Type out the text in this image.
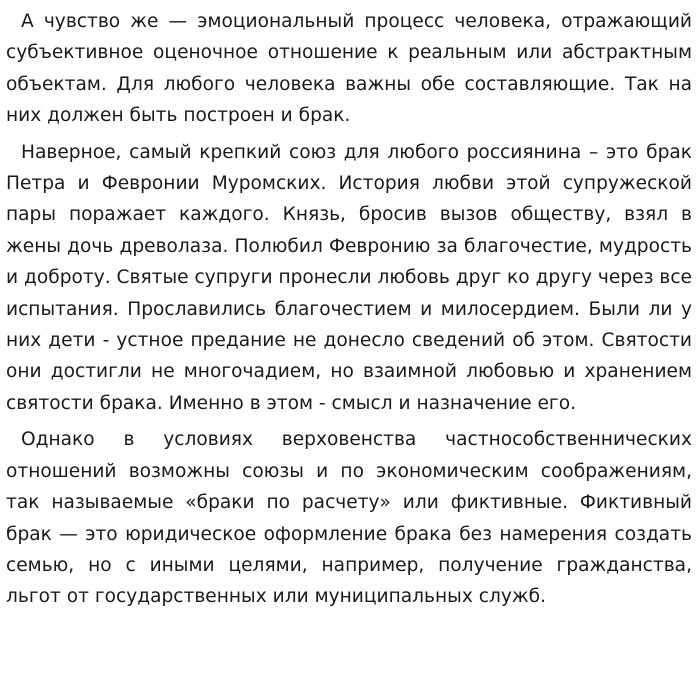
А чувство же — эмоциональный процесс человека, отражающий субъективное оценочное отношение к реальным или абстрактным объектам. Для любого человека важны обе составляющие. Так на них должен быть построен и брак.

Наверное, самый крепкий союз для любого россиянина – это брак Петра и Февронии Муромских. История любви этой супружеской пары поражает каждого. Князь, бросив вызов обществу, взял в жены дочь древолаза. Полюбил Февронию за благочестие, мудрость и доброту. Святые супруги пронесли любовь друг ко другу через все испытания. Прославились благочестием и милосердием. Были ли у них дети - устное предание не донесло сведений об этом. Святости они достигли не многочадием, но взаимной любовью и хранением святости брака. Именно в этом - смысл и назначение его.

Однако в условиях верховенства частнособственнических отношений возможны союзы и по экономическим соображениям, так называемые «браки по расчету» или фиктивные. Фиктивный брак — это юридическое оформление брака без намерения создать семью, но с иными целями, например, получение гражданства, льгот от государственных или муниципальных служб.
